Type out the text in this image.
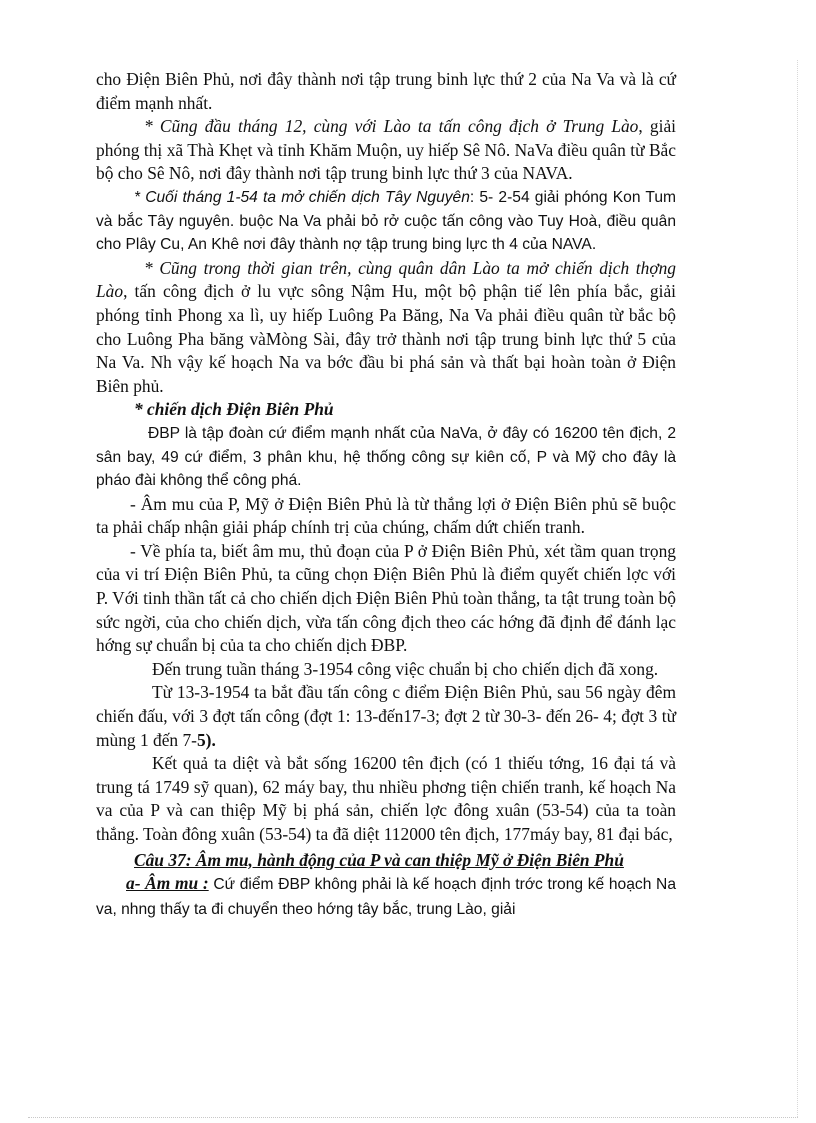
cho Điện Biên Phủ, nơi đây thành nơi tập trung binh lực thứ 2 của Na Va và là cứ điểm mạnh nhất.

* Cũng đầu tháng 12, cùng với Lào ta tấn công địch ở Trung Lào, giải phóng thị xã Thà Khẹt và tỉnh Khăm Muộn, uy hiếp Sê Nô. NaVa điều quân từ Bắc bộ cho Sê Nô, nơi đây thành nơi tập trung binh lực thứ 3 của NAVA.

* Cuối tháng 1-54 ta mở chiến dịch Tây Nguyên: 5- 2-54 giải phóng Kon Tum và bắc Tây nguyên. buộc Na Va phải bỏ rở cuộc tấn công vào Tuy Hoà, điều quân cho Plây Cu, An Khê nơi đây thành nợ tập trung bing lực th 4 của NAVA.

* Cũng trong thời gian trên, cùng quân dân Lào ta mở chiến dịch thợng Lào, tấn công địch ở lu vực sông Nậm Hu, một bộ phận tiế lên phía bắc, giải phóng tỉnh Phong xa lì, uy hiếp Luông Pa Băng, Na Va phải điều quân từ bắc bộ cho Luông Pha băng vàMòng Sài, đây trở thành nơi tập trung binh lực thứ 5 của Na Va. Nh vậy kế hoạch Na va bớc đầu bi phá sản và thất bại hoàn toàn ở Điện Biên phủ.

* chiến dịch Điện Biên Phủ

ĐBP là tập đoàn cứ điểm mạnh nhất của NaVa, ở đây có 16200 tên địch, 2 sân bay, 49 cứ điểm, 3 phân khu, hệ thống công sự kiên cố, P và Mỹ cho đây là pháo đài không thể công phá.

- Âm mu của P, Mỹ ở Điện Biên Phủ là từ thắng lợi ở Điện Biên phủ sẽ buộc ta phải chấp nhận giải pháp chính trị của chúng, chấm dứt chiến tranh.

- Về phía ta, biết âm mu, thủ đoạn của P ở Điện Biên Phủ, xét tầm quan trọng của vi trí Điện Biên Phủ, ta cũng chọn Điện Biên Phủ là điểm quyết chiến lợc với P. Với tinh thần tất cả cho chiến dịch Điện Biên Phủ toàn thắng, ta tật trung toàn bộ sức ngời, của cho chiến dịch, vừa tấn công địch theo các hớng đã định để đánh lạc hớng sự chuẩn bị của ta cho chiến dịch ĐBP.

Đến trung tuần tháng 3-1954 công việc chuẩn bị cho chiến dịch đã xong.

Từ 13-3-1954 ta bắt đầu tấn công c điểm Điện Biên Phủ, sau 56 ngày đêm chiến đấu, với 3 đợt tấn công (đợt 1: 13-đến17-3; đợt 2 từ 30-3- đến 26- 4; đợt 3 từ mùng 1 đến 7-5).

Kết quả ta diệt và bắt sống 16200 tên địch (có 1 thiếu tớng, 16 đại tá và trung tá 1749 sỹ quan), 62 máy bay, thu nhiều phơng tiện chiến tranh, kế hoạch Na va của P và can thiệp Mỹ bị phá sản, chiến lợc đông xuân (53-54) của ta toàn thắng. Toàn đông xuân (53-54) ta đã diệt 112000 tên địch, 177máy bay, 81 đại bác,

Câu 37: Âm mu, hành động của P và can thiệp Mỹ ở Điện Biên Phủ

a- Âm mu : Cứ điểm ĐBP không phải là kế hoạch định trớc trong kế hoạch Na va, nhng thấy ta đi chuyển theo hớng tây bắc, trung Lào, giải
